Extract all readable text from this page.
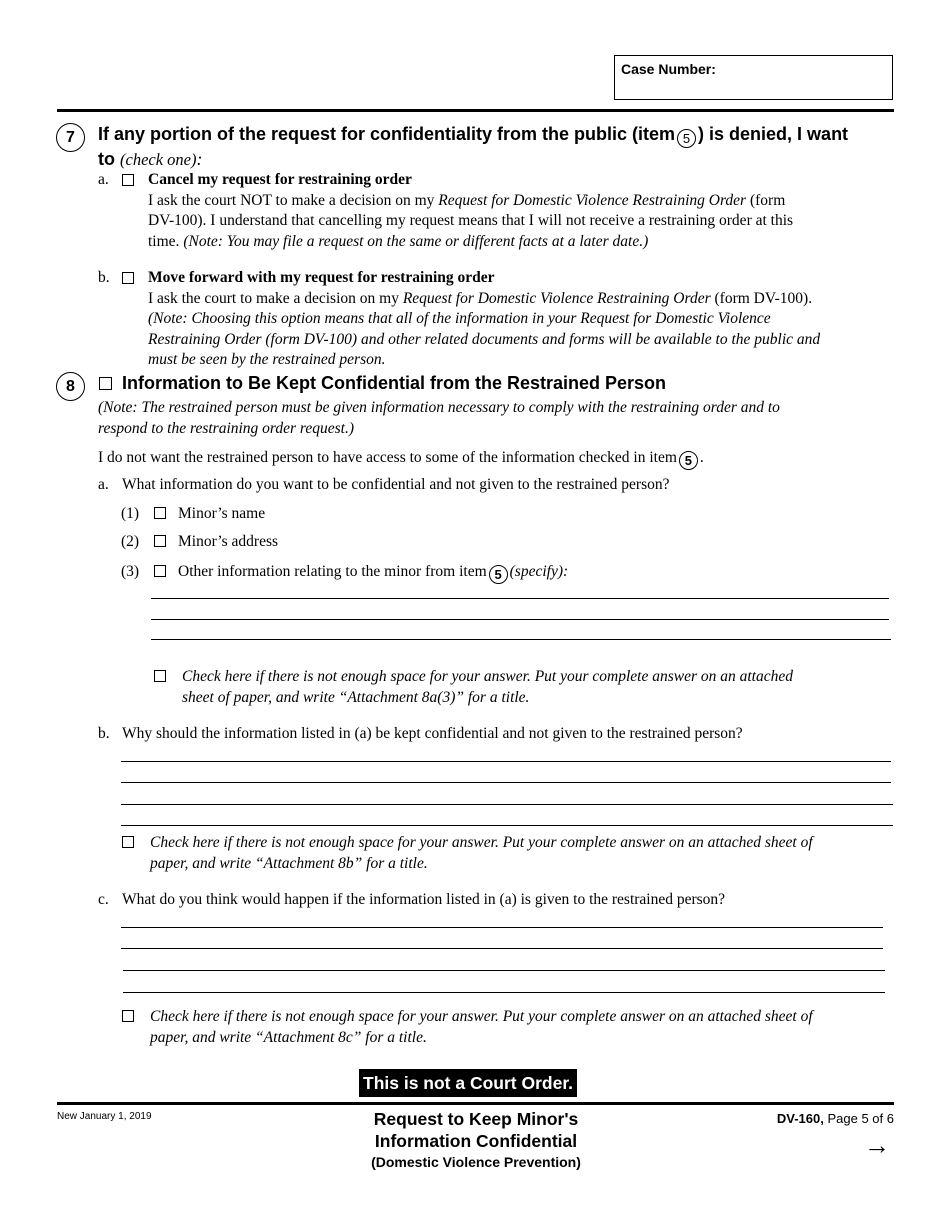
Case Number:
7	If any portion of the request for confidentiality from the public (item 5 ) is denied, I want
to (check one):
a.	Cancel my request for restraining order
I ask the court NOT to make a decision on my Request for Domestic Violence Restraining Order (form
DV-100). I understand that cancelling my request means that I will not receive a restraining order at this
time. (Note: You may file a request on the same or different facts at a later date.)
b. Move forward with my request for restraining order
I ask the court to make a decision on my Request for Domestic Violence Restraining Order (form DV-100).
(Note: Choosing this option means that all of the information in your Request for Domestic Violence
Restraining Order (form DV-100) and other related documents and forms will be available to the public and
must be seen by the restrained person.
8	Information to Be Kept Confidential from the Restrained Person
(Note: The restrained person must be given information necessary to comply with the restraining order and to
respond to the restraining order request.)
I do not want the restrained person to have access to some of the information checked in item 5 .
a. What information do you want to be confidential and not given to the restrained person?
(1)	Minor’s name
(2)	Minor’s address
(3)	Other information relating to the minor from item 5 (specify):
Check here if there is not enough space for your answer. Put your complete answer on an attached
sheet of paper, and write “Attachment 8a(3)” for a title.
b. Why should the information listed in (a) be kept confidential and not given to the restrained person?
Check here if there is not enough space for your answer. Put your complete answer on an attached sheet of
paper, and write “Attachment 8b” for a title.
c. What do you think would happen if the information listed in (a) is given to the restrained person?
Check here if there is not enough space for your answer. Put your complete answer on an attached sheet of
paper, and write “Attachment 8c” for a title.
This is not a Court Order.
New January 1, 2019	Request to Keep Minor's
Information Confidential
(Domestic Violence Prevention)
DV-160, Page 5 of 6
→
